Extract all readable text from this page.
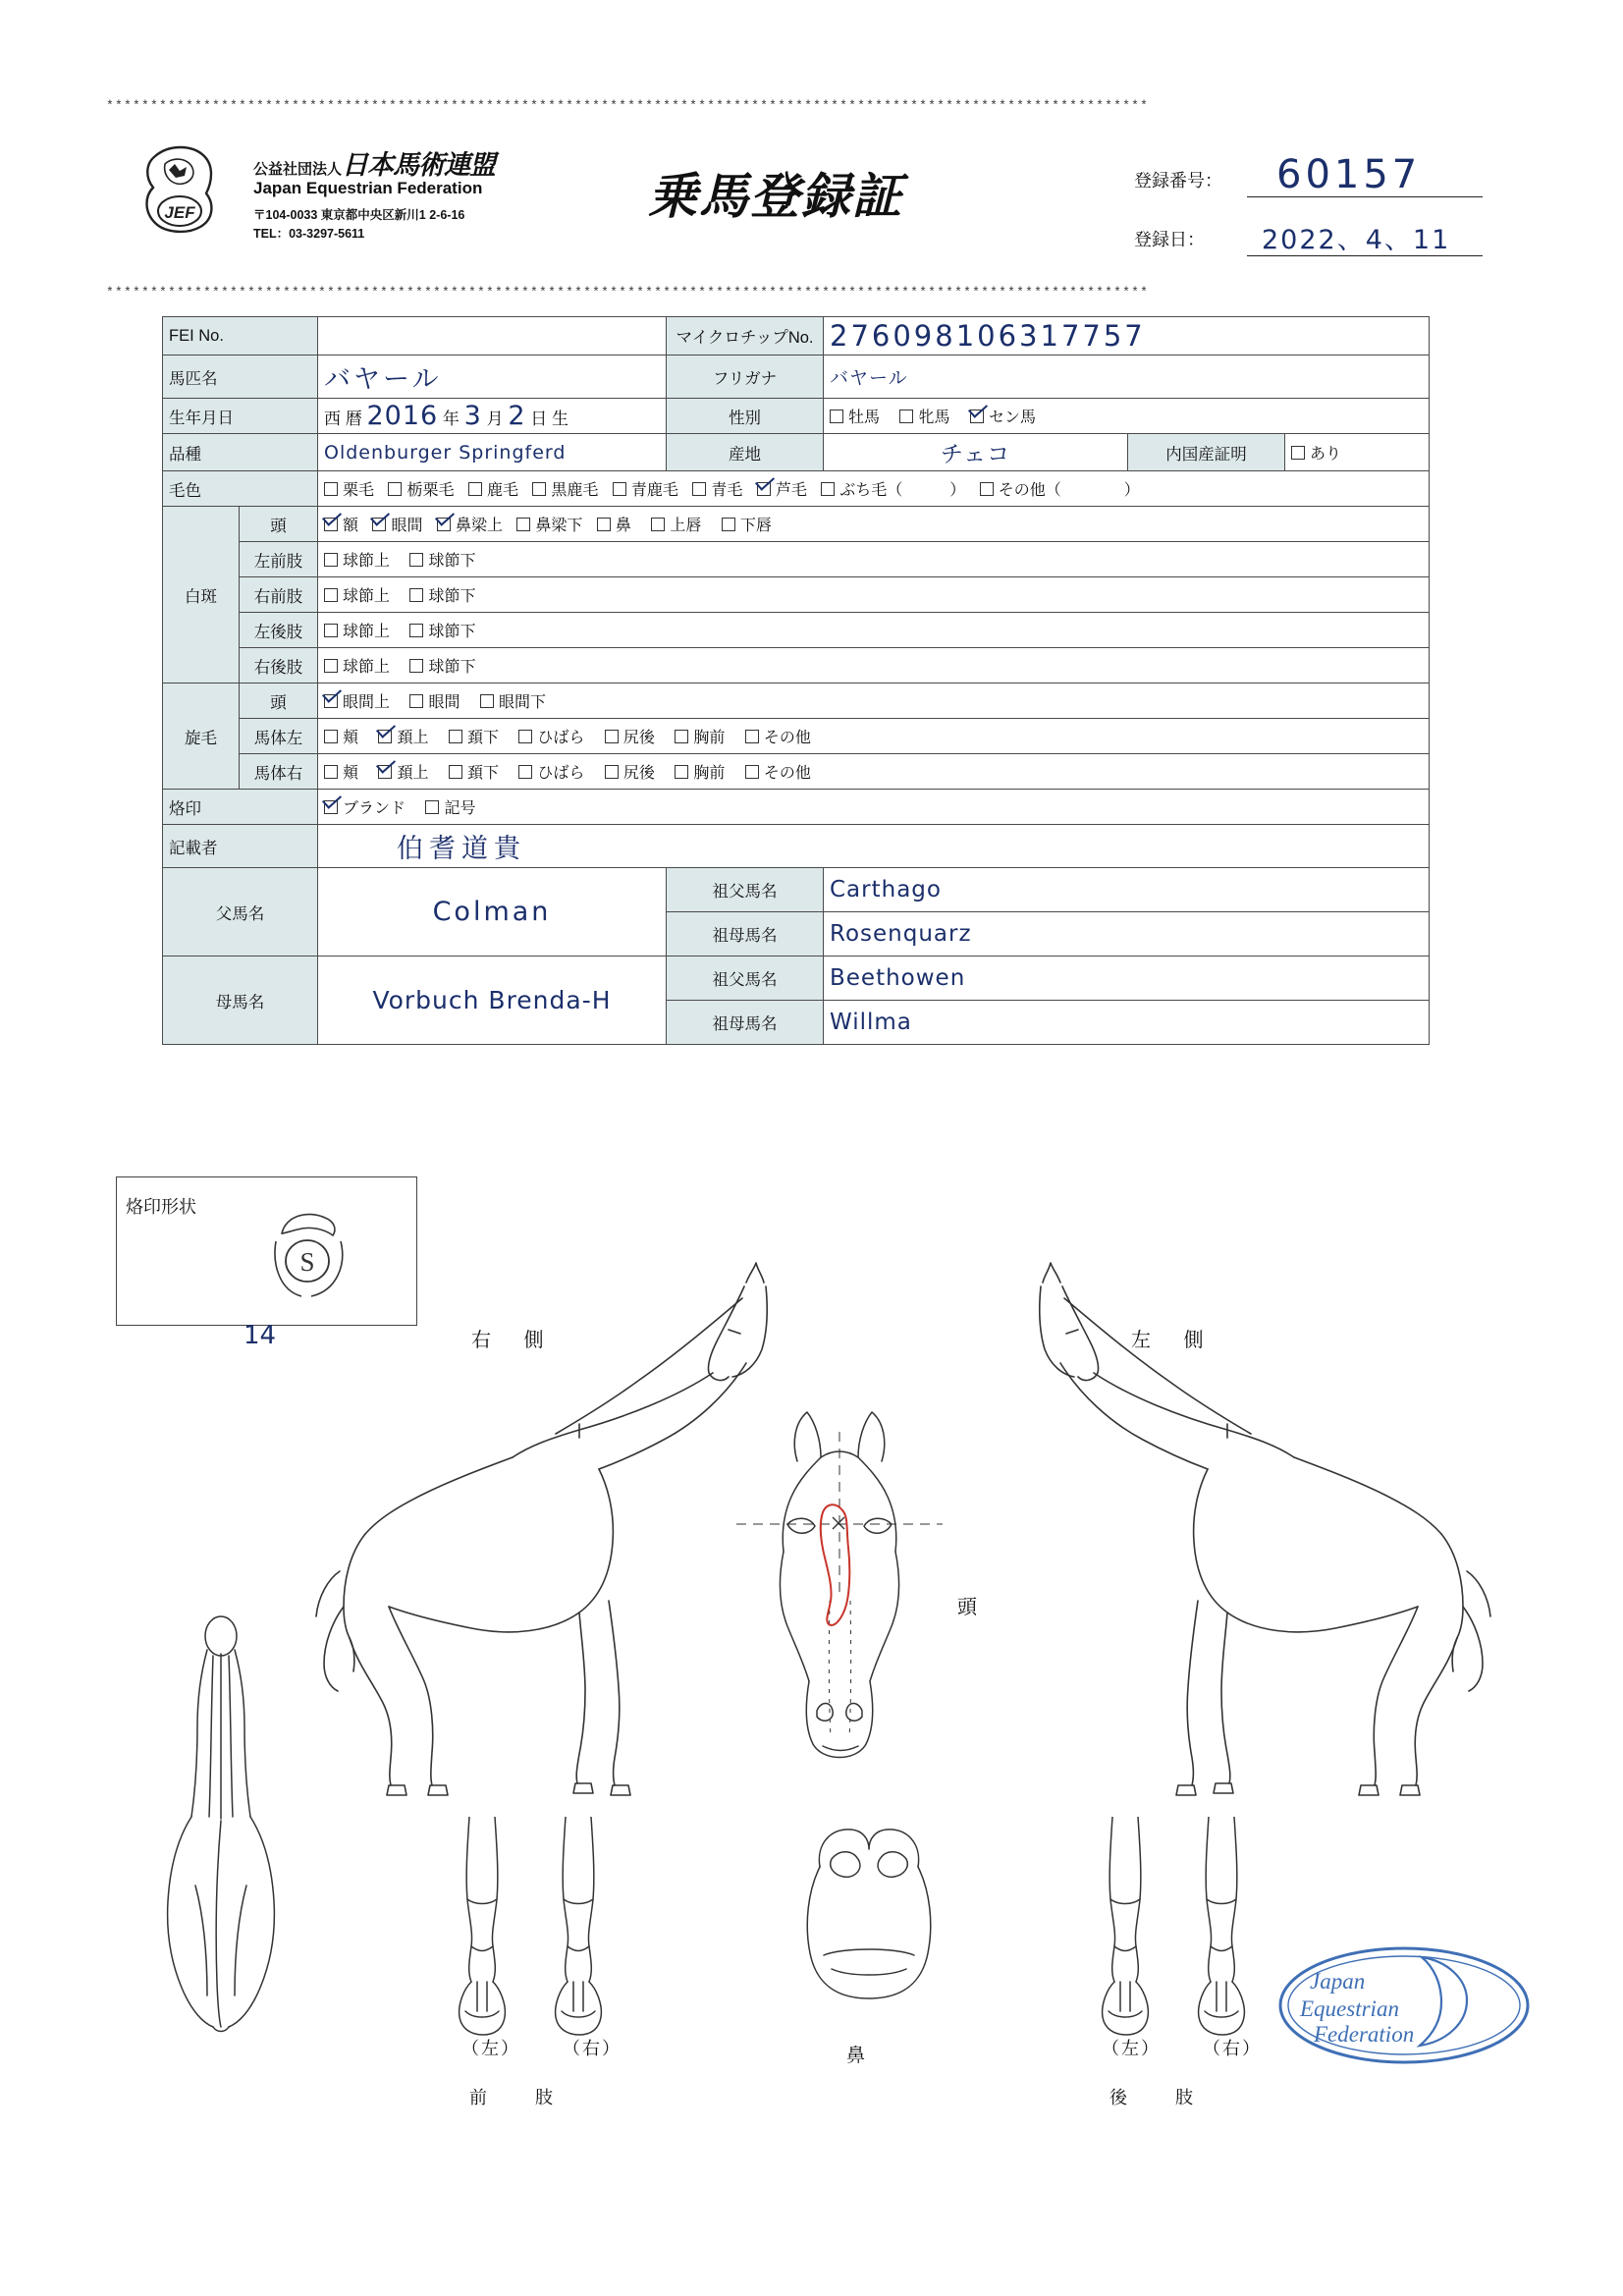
**********************************************************************************************************************
**********************************************************************************************************************
JEF
公益社団法人日本馬術連盟
Japan Equestrian Federation
〒104-0033 東京都中央区新川1 2-6-16
TEL：03-3297-5611
乗馬登録証	登録番号： 60157
登録日： 2022、4、11
FEI No.			マイクロチップNo.	276098106317757		
馬匹名		バヤール	フリガナ	バヤール		
生年月日		西 暦 2016 年 3 月 2 日 生	性別	牡馬 牝馬 セン馬		
品種		Oldenburger Springferd	産地	チェコ	内国産証明	あり
毛色		栗毛 栃栗毛 鹿毛 黒鹿毛 青鹿毛 青毛 芦毛 ぶち毛（　　　） その他（　　　　）				
白斑	頭	額 眼間 鼻梁上 鼻梁下 鼻 上唇 下唇				
	左前肢	球節上 球節下				
	右前肢	球節上 球節下				
	左後肢	球節上 球節下				
	右後肢	球節上 球節下				
旋毛	頭	眼間上 眼間 眼間下				
	馬体左	頬 頚上 頚下 ひばら 尻後 胸前 その他				
	馬体右	頬 頚上 頚下 ひばら 尻後 胸前 その他				
烙印		ブランド 記号				
記載者		伯耆道貴				
父馬名		Colman	祖父馬名	Carthago		
			祖母馬名	Rosenquarz		
母馬名		Vorbuch Brenda-H	祖父馬名	Beethowen		
			祖母馬名	Willma		
烙印形状
S
14	右 側	左 側
頭
鼻
（左） （右）
前 肢
（左） （右）
後 肢
Japan
Equestrian
Federation
